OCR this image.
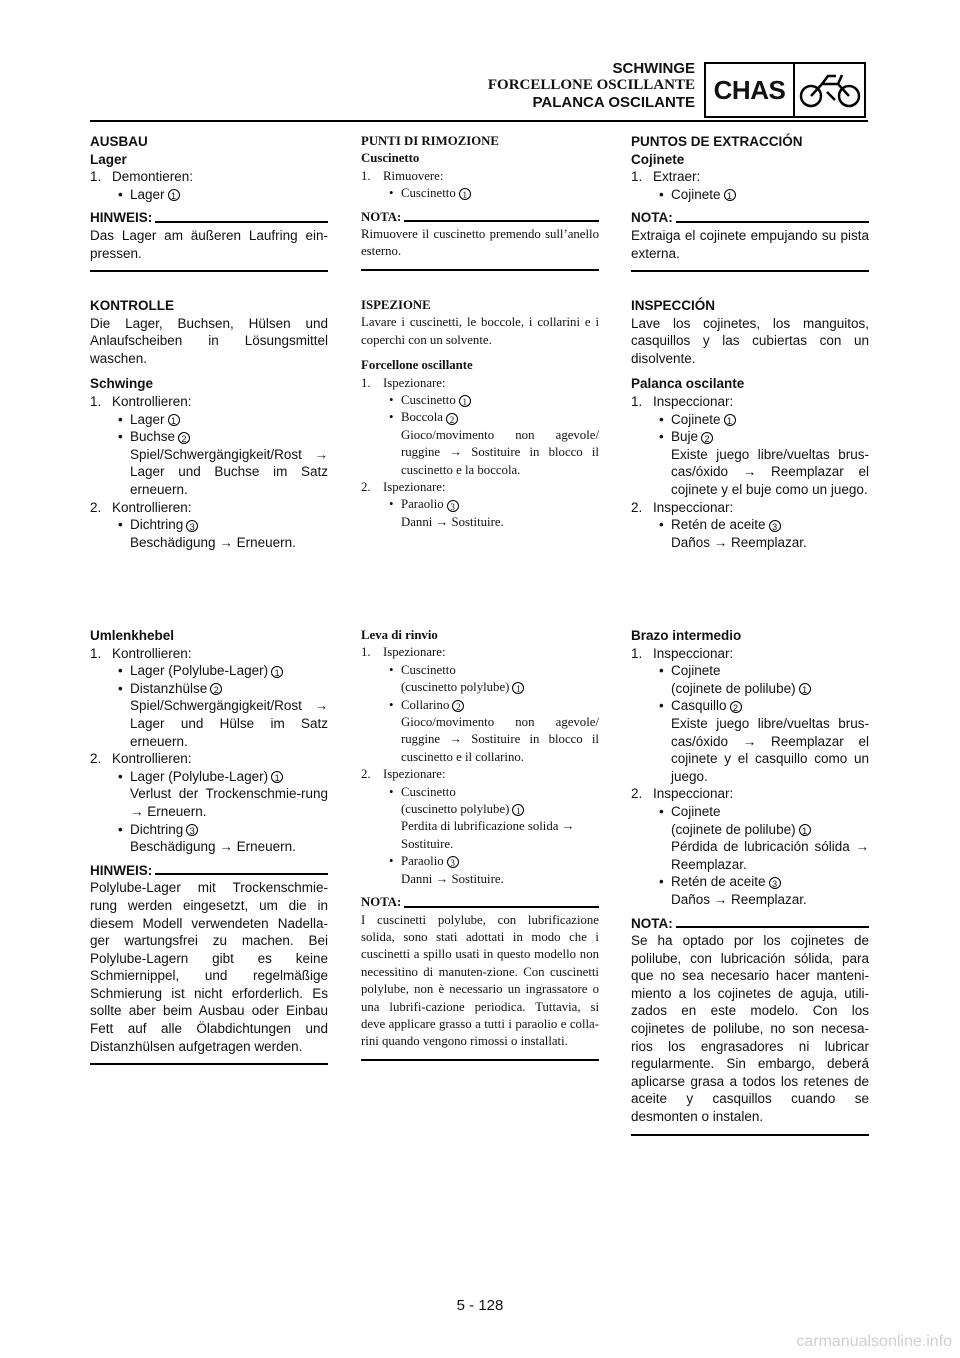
SCHWINGE
FORCELLONE OSCILLANTE
PALANCA OSCILANTE CHAS
AUSBAU
Lager
1. Demontieren:
• Lager 1
HINWEIS:
Das Lager am äußeren Laufring ein-pressen.
KONTROLLE
Die Lager, Buchsen, Hülsen und Anlaufscheiben in Lösungsmittel waschen.
Schwinge
1. Kontrollieren:
• Lager 1
• Buchse 2
Spiel/Schwergängigkeit/Rost → Lager und Buchse im Satz erneuern.
2. Kontrollieren:
• Dichtring 3
Beschädigung → Erneuern.
Umlenkhebel
1. Kontrollieren:
• Lager (Polylube-Lager) 1
• Distanzhülse 2
Spiel/Schwergängigkeit/Rost → Lager und Hülse im Satz erneuern.
2. Kontrollieren:
• Lager (Polylube-Lager) 1
Verlust der Trockenschmie-rung → Erneuern.
• Dichtring 3
Beschädigung → Erneuern.
HINWEIS:
Polylube-Lager mit Trockenschmie-rung werden eingesetzt, um die in diesem Modell verwendeten Nadella-ger wartungsfrei zu machen. Bei Polylube-Lagern gibt es keine Schmiernippel, und regelmäßige Schmierung ist nicht erforderlich. Es sollte aber beim Ausbau oder Einbau Fett auf alle Ölabdichtungen und Distanzhülsen aufgetragen werden.
PUNTI DI RIMOZIONE
Cuscinetto
1. Rimuovere:
• Cuscinetto 1
NOTA:
Rimuovere il cuscinetto premendo sull’anello esterno.
ISPEZIONE
Lavare i cuscinetti, le boccole, i collarini e i coperchi con un solvente.
Forcellone oscillante
1. Ispezionare:
• Cuscinetto 1
• Boccola 2
Gioco/movimento non agevole/ ruggine → Sostituire in blocco il cuscinetto e la boccola.
2. Ispezionare:
• Paraolio 3
Danni → Sostituire.
Leva di rinvio
1. Ispezionare:
• Cuscinetto
(cuscinetto polylube) 1
• Collarino 2
Gioco/movimento non agevole/ ruggine → Sostituire in blocco il cuscinetto e il collarino.
2. Ispezionare:
• Cuscinetto
(cuscinetto polylube) 1
Perdita di lubrificazione solida → Sostituire.
• Paraolio 3
Danni → Sostituire.
NOTA:
I cuscinetti polylube, con lubrificazione solida, sono stati adottati in modo che i cuscinetti a spillo usati in questo modello non necessitino di manuten-zione. Con cuscinetti polylube, non è necessario un ingrassatore o una lubrifi-cazione periodica. Tuttavia, si deve applicare grasso a tutti i paraolio e colla-rini quando vengono rimossi o installati.
PUNTOS DE EXTRACCIÓN
Cojinete
1. Extraer:
• Cojinete 1
NOTA:
Extraiga el cojinete empujando su pista externa.
INSPECCIÓN
Lave los cojinetes, los manguitos, casquillos y las cubiertas con un disolvente.
Palanca oscilante
1. Inspeccionar:
• Cojinete 1
• Buje 2
Existe juego libre/vueltas brus-cas/óxido → Reemplazar el cojinete y el buje como un juego.
2. Inspeccionar:
• Retén de aceite 3
Daños → Reemplazar.
Brazo intermedio
1. Inspeccionar:
• Cojinete
(cojinete de polilube) 1
• Casquillo 2
Existe juego libre/vueltas brus-cas/óxido → Reemplazar el cojinete y el casquillo como un juego.
2. Inspeccionar:
• Cojinete
(cojinete de polilube) 1
Pérdida de lubricación sólida → Reemplazar.
• Retén de aceite 3
Daños → Reemplazar.
NOTA:
Se ha optado por los cojinetes de polilube, con lubricación sólida, para que no sea necesario hacer manteni-miento a los cojinetes de aguja, utili-zados en este modelo. Con los cojinetes de polilube, no son necesa-rios los engrasadores ni lubricar regularmente. Sin embargo, deberá aplicarse grasa a todos los retenes de aceite y casquillos cuando se desmonten o instalen.
5 - 128
carmanualsonline.info
